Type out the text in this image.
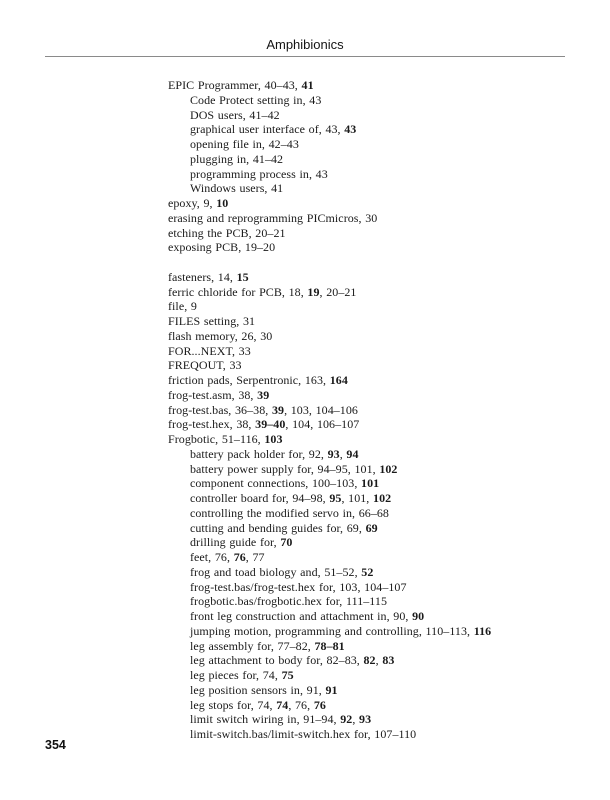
Amphibionics
EPIC Programmer, 40–43, 41
Code Protect setting in, 43
DOS users, 41–42
graphical user interface of, 43, 43
opening file in, 42–43
plugging in, 41–42
programming process in, 43
Windows users, 41
epoxy, 9, 10
erasing and reprogramming PICmicros, 30
etching the PCB, 20–21
exposing PCB, 19–20
fasteners, 14, 15
ferric chloride for PCB, 18, 19, 20–21
file, 9
FILES setting, 31
flash memory, 26, 30
FOR...NEXT, 33
FREQOUT, 33
friction pads, Serpentronic, 163, 164
frog-test.asm, 38, 39
frog-test.bas, 36–38, 39, 103, 104–106
frog-test.hex, 38, 39–40, 104, 106–107
Frogbotic, 51–116, 103
battery pack holder for, 92, 93, 94
battery power supply for, 94–95, 101, 102
component connections, 100–103, 101
controller board for, 94–98, 95, 101, 102
controlling the modified servo in, 66–68
cutting and bending guides for, 69, 69
drilling guide for, 70
feet, 76, 76, 77
frog and toad biology and, 51–52, 52
frog-test.bas/frog-test.hex for, 103, 104–107
frogbotic.bas/frogbotic.hex for, 111–115
front leg construction and attachment in, 90, 90
jumping motion, programming and controlling, 110–113, 116
leg assembly for, 77–82, 78–81
leg attachment to body for, 82–83, 82, 83
leg pieces for, 74, 75
leg position sensors in, 91, 91
leg stops for, 74, 74, 76, 76
limit switch wiring in, 91–94, 92, 93
limit-switch.bas/limit-switch.hex for, 107–110
354
